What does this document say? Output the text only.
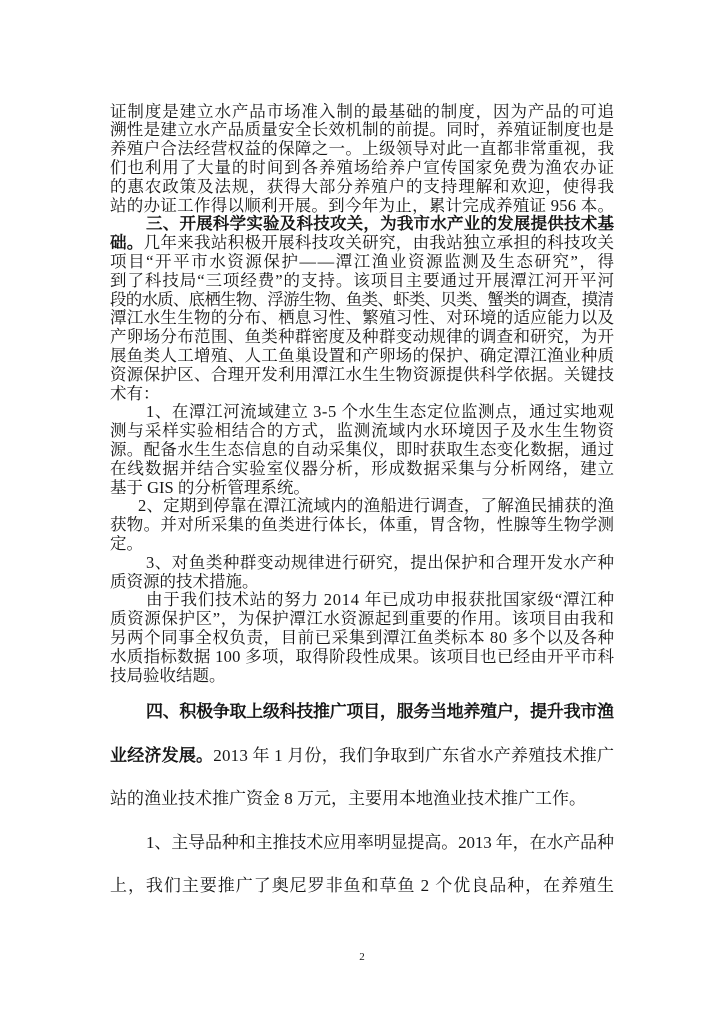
证制度是建立水产品市场准入制的最基础的制度，因为产品的可追
溯性是建立水产品质量安全长效机制的前提。同时，养殖证制度也是
养殖户合法经营权益的保障之一。上级领导对此一直都非常重视，我
们也利用了大量的时间到各养殖场给养户宣传国家免费为渔农办证
的惠农政策及法规，获得大部分养殖户的支持理解和欢迎，使得我
站的办证工作得以顺利开展。到今年为止，累计完成养殖证 956 本。
三、开展科学实验及科技攻关，为我市水产业的发展提供技术基
础。几年来我站积极开展科技攻关研究，由我站独立承担的科技攻关
项目“开平市水资源保护——潭江渔业资源监测及生态研究”，得
到了科技局“三项经费”的支持。该项目主要通过开展潭江河开平河
段的水质、底栖生物、浮游生物、鱼类、虾类、贝类、蟹类的调查，摸清
潭江水生生物的分布、栖息习性、繁殖习性、对环境的适应能力以及
产卵场分布范围、鱼类种群密度及种群变动规律的调查和研究，为开
展鱼类人工增殖、人工鱼巢设置和产卵场的保护、确定潭江渔业种质
资源保护区、合理开发利用潭江水生生物资源提供科学依据。关键技
术有：
1、在潭江河流域建立 3-5 个水生生态定位监测点，通过实地观
测与采样实验相结合的方式，监测流域内水环境因子及水生生物资
源。配备水生生态信息的自动采集仪，即时获取生态变化数据，通过
在线数据并结合实验室仪器分析，形成数据采集与分析网络，建立
基于 GIS 的分析管理系统。
2、定期到停靠在潭江流域内的渔船进行调查，了解渔民捕获的渔
获物。并对所采集的鱼类进行体长，体重，胃含物，性腺等生物学测
定。
3、对鱼类种群变动规律进行研究，提出保护和合理开发水产种
质资源的技术措施。
由于我们技术站的努力 2014 年已成功申报获批国家级“潭江种
质资源保护区”，为保护潭江水资源起到重要的作用。该项目由我和
另两个同事全权负责，目前已采集到潭江鱼类标本 80 多个以及各种
水质指标数据 100 多项，取得阶段性成果。该项目也已经由开平市科
技局验收结题。
四、积极争取上级科技推广项目，服务当地养殖户，提升我市渔
业经济发展。2013 年 1 月份，我们争取到广东省水产养殖技术推广
站的渔业技术推广资金 8 万元，主要用本地渔业技术推广工作。
1、主导品种和主推技术应用率明显提高。2013 年，在水产品种
上，我们主要推广了奥尼罗非鱼和草鱼 2 个优良品种，在养殖生
2
